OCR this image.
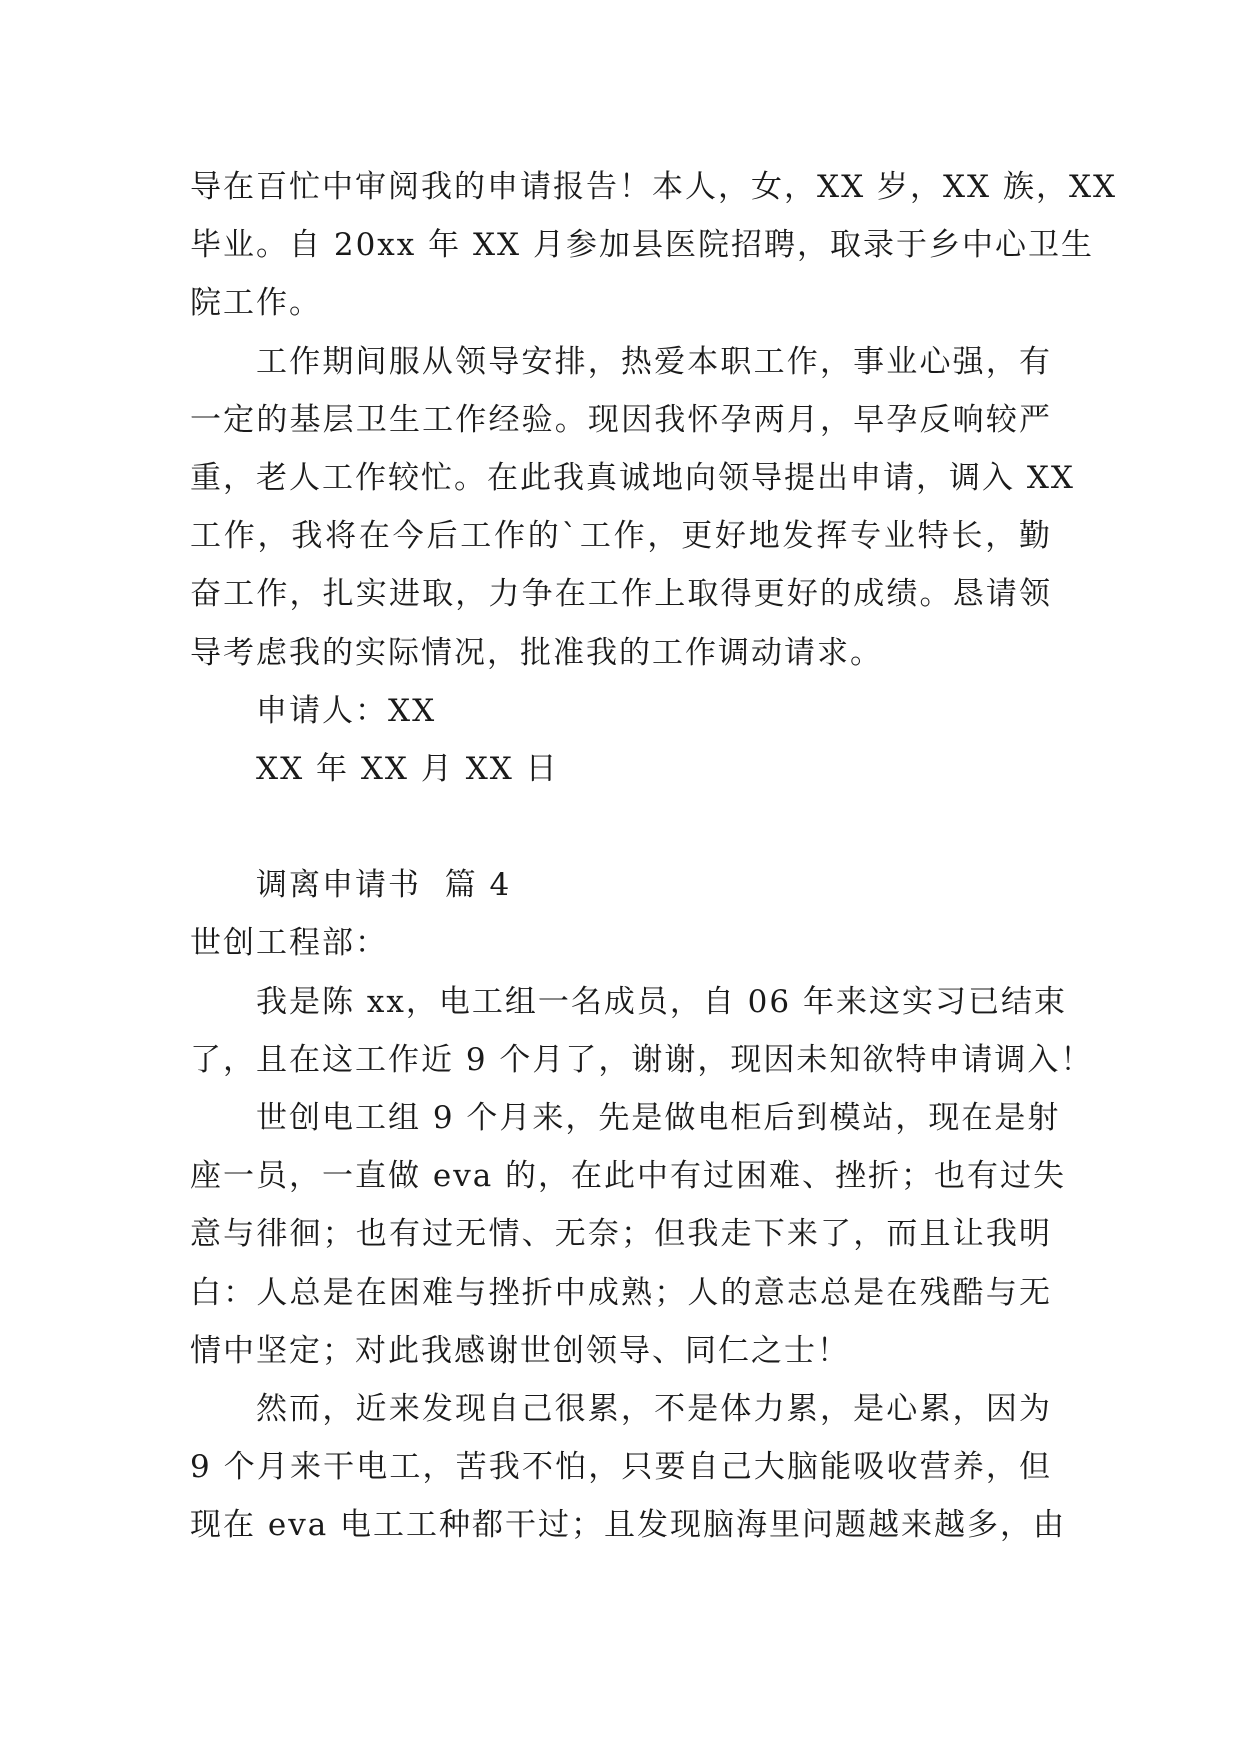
导在百忙中审阅我的申请报告！本人，女，XX 岁，XX 族，XX
毕业。自 20xx 年 XX 月参加县医院招聘，取录于乡中心卫生
院工作。
工作期间服从领导安排，热爱本职工作，事业心强，有
一定的基层卫生工作经验。现因我怀孕两月，早孕反响较严
重，老人工作较忙。在此我真诚地向领导提出申请，调入 XX
工作，我将在今后工作的`工作，更好地发挥专业特长，勤
奋工作，扎实进取，力争在工作上取得更好的成绩。恳请领
导考虑我的实际情况，批准我的工作调动请求。
申请人：XX
XX 年 XX 月 XX 日
调离申请书  篇 4
世创工程部：
我是陈 xx，电工组一名成员，自 06 年来这实习已结束
了，且在这工作近 9 个月了，谢谢，现因未知欲特申请调入！
世创电工组 9 个月来，先是做电柜后到模站，现在是射
座一员，一直做 eva 的，在此中有过困难、挫折；也有过失
意与徘徊；也有过无情、无奈；但我走下来了，而且让我明
白：人总是在困难与挫折中成熟；人的意志总是在残酷与无
情中坚定；对此我感谢世创领导、同仁之士！
然而，近来发现自己很累，不是体力累，是心累，因为
9 个月来干电工，苦我不怕，只要自己大脑能吸收营养，但
现在 eva 电工工种都干过；且发现脑海里问题越来越多，由
